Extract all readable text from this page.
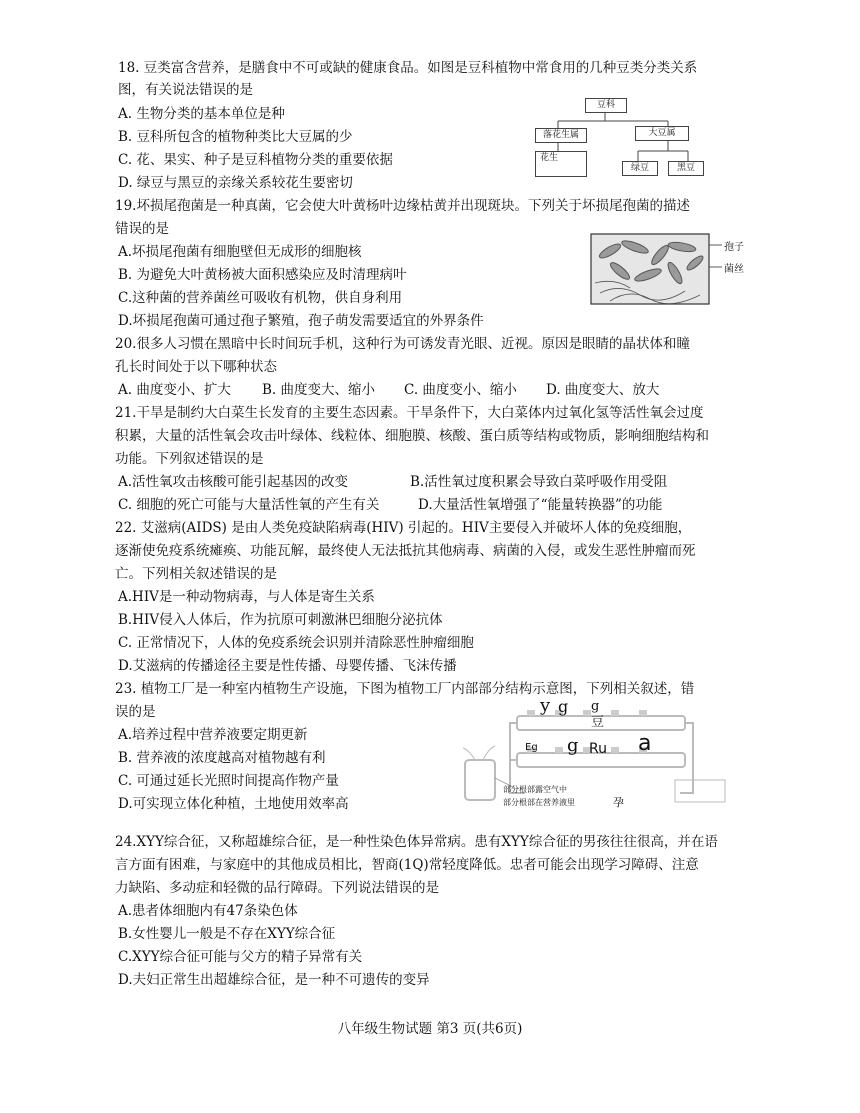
18. 豆类富含营养，是膳食中不可或缺的健康食品。如图是豆科植物中常食用的几种豆类分类关系
图，有关说法错误的是
A. 生物分类的基本单位是种
B. 豆科所包含的植物种类比大豆属的少
C. 花、果实、种子是豆科植物分类的重要依据
D. 绿豆与黑豆的亲缘关系较花生要密切
豆科
落花生属	大豆属
花生
绿豆	黑豆
19.坏损尾孢菌是一种真菌，它会使大叶黄杨叶边缘枯黄并出现斑块。下列关于坏损尾孢菌的描述
错误的是
A.坏损尾孢菌有细胞壁但无成形的细胞核
B. 为避免大叶黄杨被大面积感染应及时清理病叶
C.这种菌的营养菌丝可吸收有机物，供自身利用
D.坏损尾孢菌可通过孢子繁殖，孢子萌发需要适宜的外界条件
孢子
菌丝
20.很多人习惯在黑暗中长时间玩手机，这种行为可诱发青光眼、近视。原因是眼睛的晶状体和瞳
孔长时间处于以下哪种状态
A. 曲度变小、扩大 B. 曲度变大、缩小 C. 曲度变小、缩小 D. 曲度变大、放大
21.干旱是制约大白菜生长发育的主要生态因素。干旱条件下，大白菜体内过氧化氢等活性氧会过度
积累，大量的活性氧会攻击叶绿体、线粒体、细胞膜、核酸、蛋白质等结构或物质，影响细胞结构和
功能。下列叙述错误的是
A.活性氧攻击核酸可能引起基因的改变	B.活性氧过度积累会导致白菜呼吸作用受阻
C. 细胞的死亡可能与大量活性氧的产生有关	D.大量活性氧增强了“能量转换器”的功能
22. 艾滋病(AIDS) 是由人类免疫缺陷病毒(HIV) 引起的。HIV主要侵入并破坏人体的免疫细胞，
逐渐使免疫系统瘫痪、功能瓦解，最终使人无法抵抗其他病毒、病菌的入侵，或发生恶性肿瘤而死
亡。下列相关叙述错误的是
A.HIV是一种动物病毒，与人体是寄生关系
B.HIV侵入人体后，作为抗原可刺激淋巴细胞分泌抗体
C. 正常情况下，人体的免疫系统会识别并清除恶性肿瘤细胞
D.艾滋病的传播途径主要是性传播、母婴传播、飞沫传播
23. 植物工厂是一种室内植物生产设施，下图为植物工厂内部部分结构示意图，下列相关叙述，错
误的是
A.培养过程中营养液要定期更新
B. 营养液的浓度越高对植物越有利
C. 可通过延长光照时间提高作物产量
D.可实现立体化种植，土地使用效率高
y g g
豆
Eg g Ru a
部分根部露空气中
部分根部在营养液里	孕
24.XYY综合征，又称超雄综合征，是一种性染色体异常病。患有XYY综合征的男孩往往很高，并在语
言方面有困难，与家庭中的其他成员相比，智商(1Q)常轻度降低。忠者可能会出现学习障碍、注意
力缺陷、多动症和轻微的品行障碍。下列说法错误的是
A.患者体细胞内有47条染色体
B.女性婴儿一般是不存在XYY综合征
C.XYY综合征可能与父方的精子异常有关
D.夫妇正常生出超雄综合征，是一种不可遗传的变异
八年级生物试题 第3 页(共6页)
